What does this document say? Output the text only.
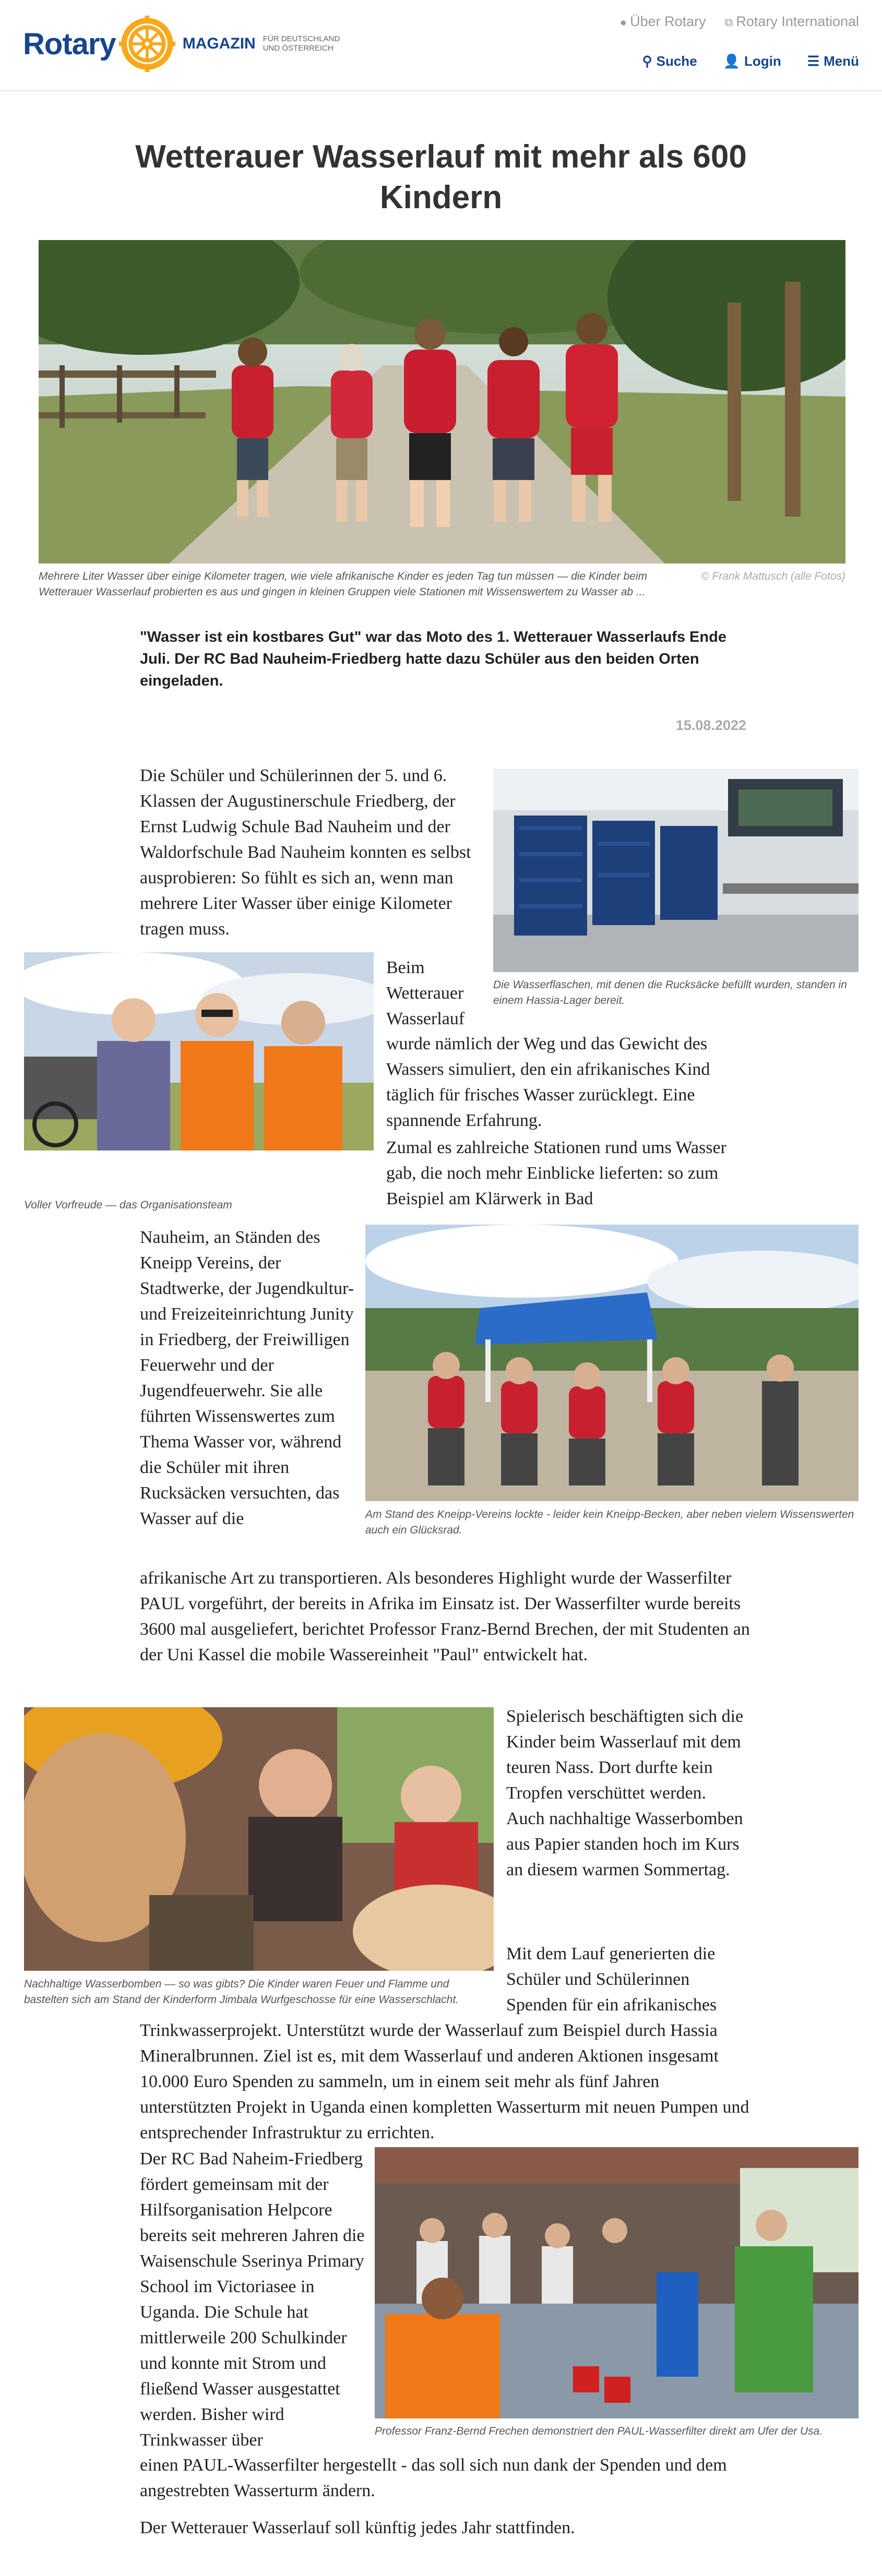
Rotary	MAGAZIN FÜR DEUTSCHLAND UND ÖSTERREICH
● Über Rotary ⧉ Rotary International
⚲ Suche 👤 Login ☰ Menü
Wetterauer Wasserlauf mit mehr als 600 Kindern
© Frank Mattusch (alle Fotos)
Mehrere Liter Wasser über einige Kilometer tragen, wie viele afrikanische Kinder es jeden Tag tun müssen — die Kinder beim Wetterauer Wasserlauf probierten es aus und gingen in kleinen Gruppen viele Stationen mit Wissenswertem zu Wasser ab ...

"Wasser ist ein kostbares Gut" war das Moto des 1. Wetterauer Wasserlaufs Ende Juli. Der RC Bad Nauheim-Friedberg hatte dazu Schüler aus den beiden Orten eingeladen.

15.08.2022

Die Schüler und Schülerinnen der 5. und 6. Klassen der Augustinerschule Friedberg, der Ernst Ludwig Schule Bad Nauheim und der Waldorfschule Bad Nauheim konnten es selbst ausprobieren: So fühlt es sich an, wenn man mehrere Liter Wasser über einige Kilometer tragen muss.

Die Wasserflaschen, mit denen die Rucksäcke befüllt wurden, standen in einem Hassia-Lager bereit.

Voller Vorfreude — das Organisationsteam

Beim Wetterauer Wasserlauf

wurde nämlich der Weg und das Gewicht des Wassers simuliert, den ein afrikanisches Kind täglich für frisches Wasser zurücklegt. Eine spannende Erfahrung.

Zumal es zahlreiche Stationen rund ums Wasser gab, die noch mehr Einblicke lieferten: so zum Beispiel am Klärwerk in Bad

Nauheim, an Ständen des Kneipp Vereins, der Stadtwerke, der Jugendkultur- und Freizeiteinrichtung Junity in Friedberg, der Freiwilligen Feuerwehr und der Jugendfeuerwehr. Sie alle führten Wissenswertes zum Thema Wasser vor, während die Schüler mit ihren Rucksäcken versuchten, das Wasser auf die	Am Stand des Kneipp-Vereins lockte - leider kein Kneipp-Becken, aber neben vielem Wissenswerten auch ein Glücksrad.

afrikanische Art zu transportieren. Als besonderes Highlight wurde der Wasserfilter PAUL vorgeführt, der bereits in Afrika im Einsatz ist. Der Wasserfilter wurde bereits 3600 mal ausgeliefert, berichtet Professor Franz-Bernd Brechen, der mit Studenten an der Uni Kassel die mobile Wassereinheit "Paul" entwickelt hat.

Nachhaltige Wasserbomben — so was gibts? Die Kinder waren Feuer und Flamme und bastelten sich am Stand der Kinderform Jimbala Wurfgeschosse für eine Wasserschlacht.

Spielerisch beschäftigten sich die Kinder beim Wasserlauf mit dem teuren Nass. Dort durfte kein Tropfen verschüttet werden. Auch nachhaltige Wasserbomben aus Papier standen hoch im Kurs an diesem warmen Sommertag.

Mit dem Lauf generierten die Schüler und Schülerinnen Spenden für ein afrikanisches

Trinkwasserprojekt. Unterstützt wurde der Wasserlauf zum Beispiel durch Hassia Mineralbrunnen. Ziel ist es, mit dem Wasserlauf und anderen Aktionen insgesamt 10.000 Euro Spenden zu sammeln, um in einem seit mehr als fünf Jahren unterstützten Projekt in Uganda einen kompletten Wasserturm mit neuen Pumpen und entsprechender Infrastruktur zu errichten.

Der RC Bad Naheim-Friedberg fördert gemeinsam mit der Hilfsorganisation Helpcore bereits seit mehreren Jahren die Waisenschule Sserinya Primary School im Victoriasee in Uganda. Die Schule hat mittlerweile 200 Schulkinder und konnte mit Strom und fließend Wasser ausgestattet werden. Bisher wird Trinkwasser über	Professor Franz-Bernd Frechen demonstriert den PAUL-Wasserfilter direkt am Ufer der Usa.

einen PAUL-Wasserfilter hergestellt - das soll sich nun dank der Spenden und dem angestrebten Wasserturm ändern.

Der Wetterauer Wasserlauf soll künftig jedes Jahr stattfinden.
